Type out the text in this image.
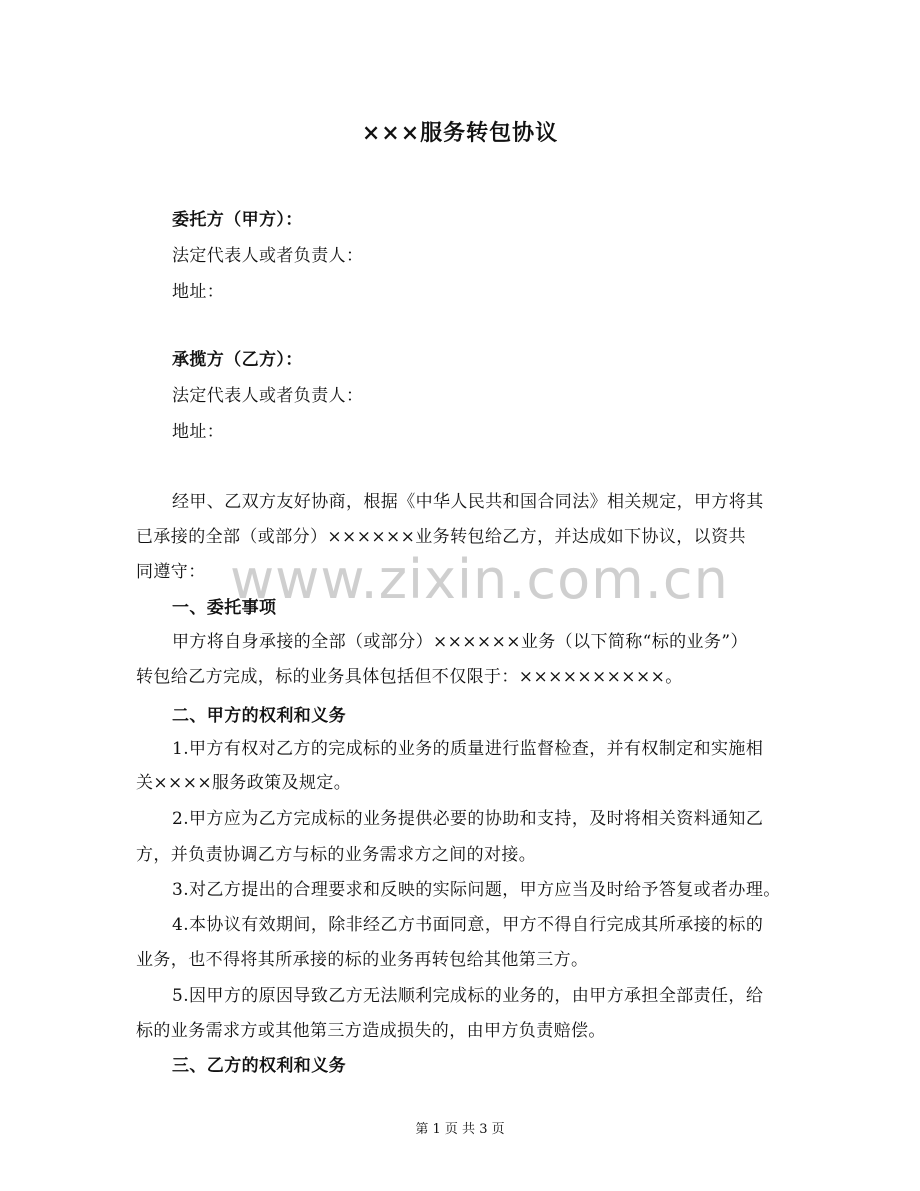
×××服务转包协议
委托方（甲方）：
法定代表人或者负责人：
地址：
承揽方（乙方）：
法定代表人或者负责人：
地址：
经甲、乙双方友好协商，根据《中华人民共和国合同法》相关规定，甲方将其
已承接的全部（或部分）××××××业务转包给乙方，并达成如下协议，以资共
同遵守： www.zixin.com.cn
一、委托事项
甲方将自身承接的全部（或部分）××××××业务（以下简称“标的业务”）
转包给乙方完成，标的业务具体包括但不仅限于：××××××××××。
二、甲方的权利和义务
1.甲方有权对乙方的完成标的业务的质量进行监督检查，并有权制定和实施相
关××××服务政策及规定。
2.甲方应为乙方完成标的业务提供必要的协助和支持，及时将相关资料通知乙
方，并负责协调乙方与标的业务需求方之间的对接。
3.对乙方提出的合理要求和反映的实际问题，甲方应当及时给予答复或者办理。
4.本协议有效期间，除非经乙方书面同意，甲方不得自行完成其所承接的标的
业务，也不得将其所承接的标的业务再转包给其他第三方。
5.因甲方的原因导致乙方无法顺利完成标的业务的，由甲方承担全部责任，给
标的业务需求方或其他第三方造成损失的，由甲方负责赔偿。
三、乙方的权利和义务
第 1 页 共 3 页
